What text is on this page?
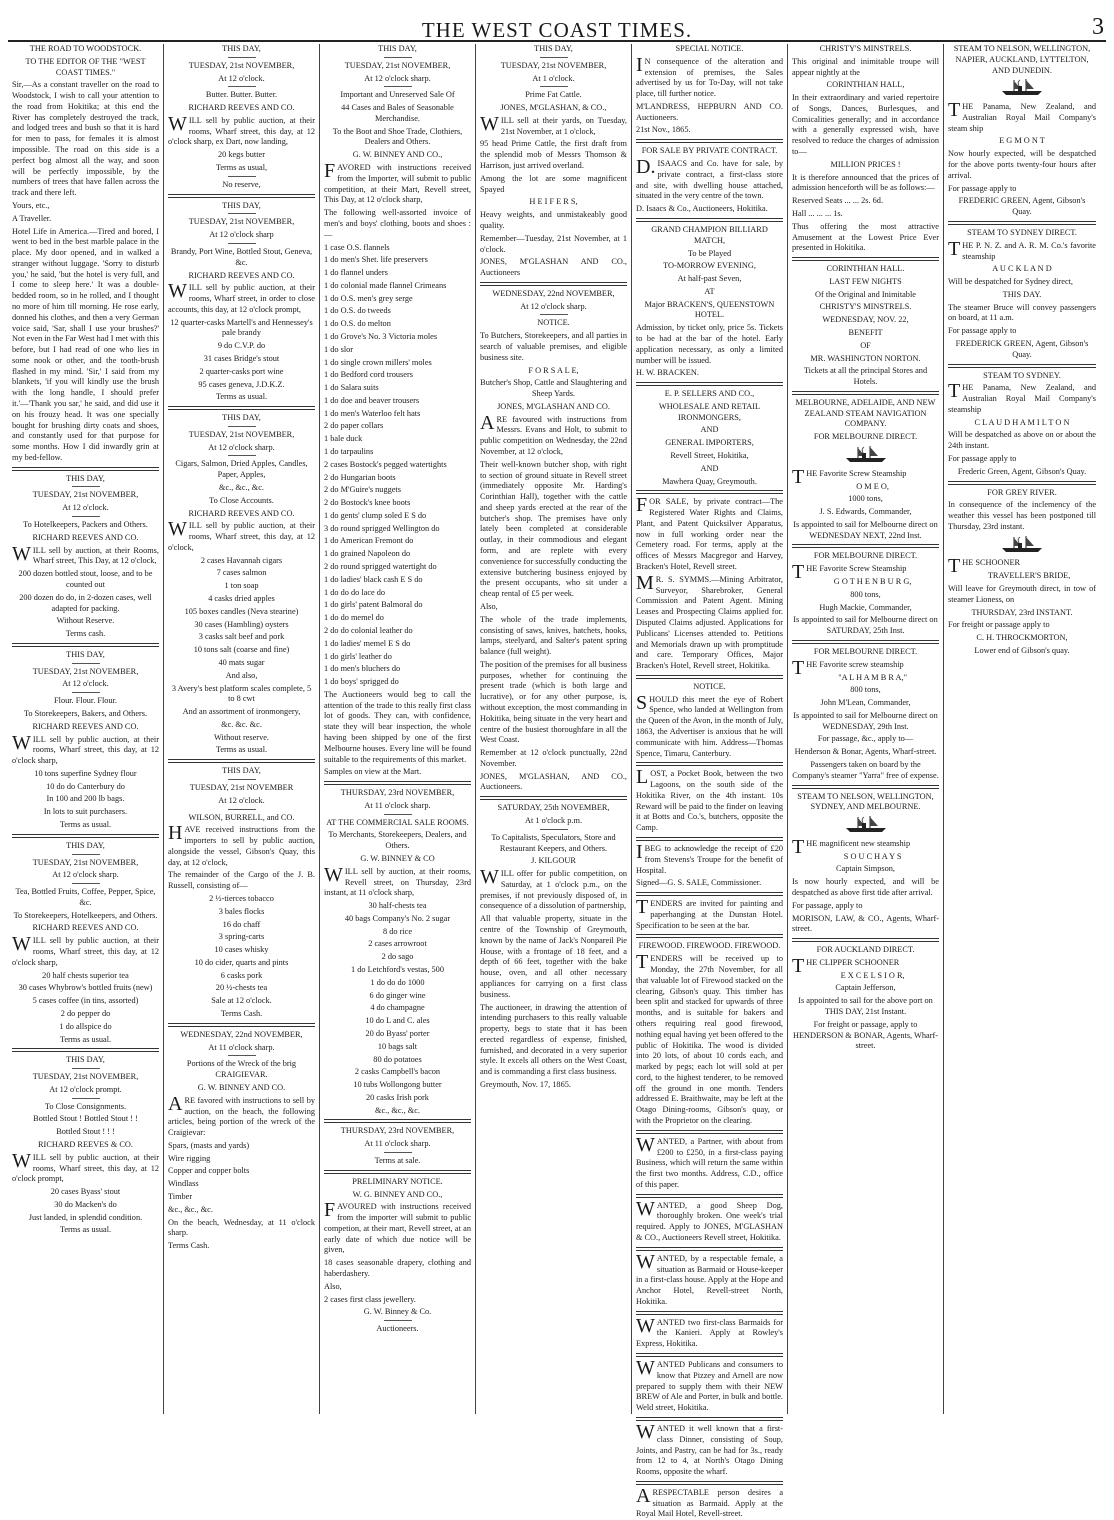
THE WEST COAST TIMES.	3

THE ROAD TO WOODSTOCK.

TO THE EDITOR OF THE "WEST COAST TIMES."

Sir,—As a constant traveller on the road to Woodstock, I wish to call your attention to the road from Hokitika; at this end the River has completely destroyed the track, and lodged trees and bush so that it is hard for men to pass, for females it is almost impossible. The road on this side is a perfect bog almost all the way, and soon will be perfectly impossible, by the numbers of trees that have fallen across the track and there left.

Yours, etc.,

A Traveller.

Hotel Life in America.—Tired and bored, I went to bed in the best marble palace in the place. My door opened, and in walked a stranger without luggage. 'Sorry to disturb you,' he said, 'but the hotel is very full, and I come to sleep here.' It was a double-bedded room, so in he rolled, and I thought no more of him till morning. He rose early, donned his clothes, and then a very German voice said, 'Sar, shall I use your brushes?' Not even in the Far West had I met with this before, but I had read of one who lies in some nook or other, and the tooth-brush flashed in my mind. 'Sir,' I said from my blankets, 'if you will kindly use the brush with the long handle, I should prefer it.'—'Thank you sar,' he said, and did use it on his frouzy head. It was one specially bought for brushing dirty coats and shoes, and constantly used for that purpose for some months. How I did inwardly grin at my bed-fellow.

THIS DAY,

TUESDAY, 21st NOVEMBER,

At 12 o'clock.

To Hotelkeepers, Packers and Others.

RICHARD REEVES AND CO.

WILL sell by auction, at their Rooms, Wharf street, This Day, at 12 o'clock,

200 dozen bottled stout, loose, and to be counted out

200 dozen do do, in 2-dozen cases, well adapted for packing.

Without Reserve.

Terms cash.

THIS DAY,

TUESDAY, 21st NOVEMBER,

At 12 o'clock.

Flour. Flour. Flour.

To Storekeepers, Bakers, and Others.

RICHARD REEVES AND CO.

WILL sell by public auction, at their rooms, Wharf street, this day, at 12 o'clock sharp,

10 tons superfine Sydney flour

10 do do Canterbury do

In 100 and 200 lb bags.

In lots to suit purchasers.

Terms as usual.

THIS DAY,

TUESDAY, 21st NOVEMBER,

At 12 o'clock sharp.

Tea, Bottled Fruits, Coffee, Pepper, Spice, &c.

To Storekeepers, Hotelkeepers, and Others.

RICHARD REEVES AND CO.

WILL sell by public auction, at their rooms, Wharf street, this day, at 12 o'clock sharp,

20 half chests superior tea

30 cases Whybrow's bottled fruits (new)

5 cases coffee (in tins, assorted)

2 do pepper do

1 do allspice do

Terms as usual.

THIS DAY,

TUESDAY, 21st NOVEMBER,

At 12 o'clock prompt.

To Close Consignments.

Bottled Stout ! Bottled Stout ! !

Bottled Stout ! ! !

RICHARD REEVES & CO.

WILL sell by public auction, at their rooms, Wharf street, this day, at 12 o'clock prompt,

20 cases Byass' stout

30 do Macken's do

Just landed, in splendid condition.

Terms as usual.

THIS DAY,

TUESDAY, 21st NOVEMBER,

At 12 o'clock.

Butter. Butter. Butter.

RICHARD REEVES AND CO.

WILL sell by public auction, at their rooms, Wharf street, this day, at 12 o'clock sharp, ex Dart, now landing,

20 kegs butter

Terms as usual,

No reserve,

THIS DAY,

TUESDAY, 21st NOVEMBER,

At 12 o'clock sharp

Brandy, Port Wine, Bottled Stout, Geneva, &c.

RICHARD REEVES AND CO.

WILL sell by public auction, at their rooms, Wharf street, in order to close accounts, this day, at 12 o'clock prompt,

12 quarter-casks Martell's and Hennessey's pale brandy

9 do C.V.P. do

31 cases Bridge's stout

2 quarter-casks port wine

95 cases geneva, J.D.K.Z.

Terms as usual.

THIS DAY,

TUESDAY, 21st NOVEMBER,

At 12 o'clock sharp.

Cigars, Salmon, Dried Apples, Candles, Paper, Apples,

&c., &c., &c.

To Close Accounts.

RICHARD REEVES AND CO.

WILL sell by public auction, at their rooms, Wharf street, this day, at 12 o'clock,

2 cases Havannah cigars

7 cases salmon

1 ton soap

4 casks dried apples

105 boxes candles (Neva stearine)

30 cases (Hambling) oysters

3 casks salt beef and pork

10 tons salt (coarse and fine)

40 mats sugar

And also,

3 Avery's best platform scales complete, 5 to 8 cwt

And an assortment of ironmongery,

&c. &c. &c.

Without reserve.

Terms as usual.

THIS DAY,

TUESDAY, 21st NOVEMBER

At 12 o'clock.

WILSON, BURRELL, and CO.

HAVE received instructions from the importers to sell by public auction, alongside the vessel, Gibson's Quay, this day, at 12 o'clock,

The remainder of the Cargo of the J. B. Russell, consisting of—

2 ½-tierces tobacco

3 bales flocks

16 do chaff

3 spring-carts

10 cases whisky

10 do cider, quarts and pints

6 casks pork

20 ½-chests tea

Sale at 12 o'clock.

Terms Cash.

WEDNESDAY, 22nd NOVEMBER,

At 11 o'clock sharp.

Portions of the Wreck of the brig CRAIGIEVAR.

G. W. BINNEY AND CO.

ARE favored with instructions to sell by auction, on the beach, the following articles, being portion of the wreck of the Craigievar:

Spars, (masts and yards)

Wire rigging

Copper and copper bolts

Windlass

Timber

&c., &c., &c.

On the beach, Wednesday, at 11 o'clock sharp.

Terms Cash.

THIS DAY,

TUESDAY, 21st NOVEMBER,

At 12 o'clock sharp.

Important and Unreserved Sale Of

44 Cases and Bales of Seasonable Merchandise.

To the Boot and Shoe Trade, Clothiers, Dealers and Others.

G. W. BINNEY AND CO.,

FAVORED with instructions received from the Importer, will submit to public competition, at their Mart, Revell street, This Day, at 12 o'clock sharp,

The following well-assorted invoice of men's and boys' clothing, boots and shoes :—

1 case O.S. flannels

1 do men's Shet. life preservers

1 do flannel unders

1 do colonial made flannel Crimeans

1 do O.S. men's grey serge

1 do O.S. do tweeds

1 do O.S. do melton

1 do Grove's No. 3 Victoria moles

1 do slor

1 do single crown millers' moles

1 do Bedford cord trousers

1 do Salara suits

1 do doe and beaver trousers

1 do men's Waterloo felt hats

2 do paper collars

1 bale duck

1 do tarpaulins

2 cases Bostock's pegged watertights

2 do Hungarian boots

2 do M'Guire's nuggets

2 do Bostock's knee boots

1 do gents' clump soled E S do

3 do round sprigged Wellington do

1 do American Fremont do

1 do grained Napoleon do

2 do round sprigged watertight do

1 do ladies' black cash E S do

1 do do do lace do

1 do girls' patent Balmoral do

1 do do memel do

2 do do colonial leather do

1 do ladies' memel E S do

1 do girls' leather do

1 do men's bluchers do

1 do boys' sprigged do

The Auctioneers would beg to call the attention of the trade to this really first class lot of goods. They can, with confidence, state they will bear inspection, the whole having been shipped by one of the first Melbourne houses. Every line will be found suitable to the requirements of this market.

Samples on view at the Mart.

THURSDAY, 23rd NOVEMBER,

At 11 o'clock sharp.

AT THE COMMERCIAL SALE ROOMS.

To Merchants, Storekeepers, Dealers, and Others.

G. W. BINNEY & CO

WILL sell by auction, at their rooms, Revell street, on Thursday, 23rd instant, at 11 o'clock sharp,

30 half-chests tea

40 bags Company's No. 2 sugar

8 do rice

2 cases arrowroot

2 do sago

1 do Letchford's vestas, 500

1 do do do 1000

6 do ginger wine

4 do champagne

10 do L and C. ales

20 do Byass' porter

10 bags salt

80 do potatoes

2 casks Campbell's bacon

10 tubs Wollongong butter

20 casks Irish pork

&c., &c., &c.

THURSDAY, 23rd NOVEMBER,

At 11 o'clock sharp.

Terms at sale.

PRELIMINARY NOTICE.

W. G. BINNEY AND CO.,

FAVOURED with instructions received from the importer will submit to public competion, at their mart, Revell street, at an early date of which due notice will be given,

18 cases seasonable drapery, clothing and haberdashery.

Also,

2 cases first class jewellery.

G. W. Binney & Co.

Auctioneers.

THIS DAY,

TUESDAY, 21st NOVEMBER,

At 1 o'clock.

Prime Fat Cattle.

JONES, M'GLASHAN, & CO.,

WILL sell at their yards, on Tuesday, 21st November, at 1 o'clock,

95 head Prime Cattle, the first draft from the splendid mob of Messrs Thomson & Harrison, just arrived overland.

Among the lot are some magnificent Spayed

H E I F E R S,

Heavy weights, and unmistakeably good quality.

Remember—Tuesday, 21st November, at 1 o'clock.

JONES, M'GLASHAN AND CO., Auctioneers

WEDNESDAY, 22nd NOVEMBER,

At 12 o'clock sharp.

NOTICE.

To Butchers, Storekeepers, and all parties in search of valuable premises, and eligible business site.

F O R S A L E,

Butcher's Shop, Cattle and Slaughtering and Sheep Yards.

JONES, M'GLASHAN AND CO.

ARE favoured with instructions from Messrs. Evans and Holt, to submit to public competition on Wednesday, the 22nd November, at 12 o'clock,

Their well-known butcher shop, with right to section of ground situate in Revell street (immediately opposite Mr. Harding's Corinthian Hall), together with the cattle and sheep yards erected at the rear of the butcher's shop. The premises have only lately been completed at considerable outlay, in their commodious and elegant form, and are replete with every convenience for successfully conducting the extensive butchering business enjoyed by the present occupants, who sit under a cheap rental of £5 per week.

Also,

The whole of the trade implements, consisting of saws, knives, hatchets, hooks, lamps, steelyard, and Salter's patent spring balance (full weight).

The position of the premises for all business purposes, whether for continuing the present trade (which is both large and lucrative), or for any other purpose, is, without exception, the most commanding in Hokitika, being situate in the very heart and centre of the busiest thoroughfare in all the West Coast.

Remember at 12 o'clock punctually, 22nd November.

JONES, M'GLASHAN, AND CO., Auctioneers.

SATURDAY, 25th NOVEMBER,

At 1 o'clock p.m.

To Capitalists, Speculators, Store and Restaurant Keepers, and Others.

J. KILGOUR

WILL offer for public competition, on Saturday, at 1 o'clock p.m., on the premises, if not previously disposed of, in consequence of a dissolution of partnership,

All that valuable property, situate in the centre of the Township of Greymouth, known by the name of Jack's Nonpareil Pie House, with a frontage of 18 feet, and a depth of 66 feet, together with the bake house, oven, and all other necessary appliances for carrying on a first class business.

The auctioneer, in drawing the attention of intending purchasers to this really valuable property, begs to state that it has been erected regardless of expense, finished, furnished, and decorated in a very superior style. It excels all others on the West Coast, and is commanding a first class business.

Greymouth, Nov. 17, 1865.

SPECIAL NOTICE.

IN consequence of the alteration and extension of premises, the Sales advertised by us for To-Day, will not take place, till further notice.

M'LANDRESS, HEPBURN AND CO. Auctioneers.

21st Nov., 1865.

FOR SALE BY PRIVATE CONTRACT.

D.ISAACS and Co. have for sale, by private contract, a first-class store and site, with dwelling house attached, situated in the very centre of the town.

D. Isaacs & Co., Auctioneers, Hokitika.

GRAND CHAMPION BILLIARD MATCH,

To be Played

TO-MORROW EVENING,

At half-past Seven,

AT

Major BRACKEN'S, QUEENSTOWN HOTEL.

Admission, by ticket only, price 5s. Tickets to be had at the bar of the hotel. Early application necessary, as only a limited number will be issued.

H. W. BRACKEN.

E. P. SELLERS AND CO.,

WHOLESALE AND RETAIL IRONMONGERS,

AND

GENERAL IMPORTERS,

Revell Street, Hokitika,

AND

Mawhera Quay, Greymouth.

FOR SALE, by private contract—The Registered Water Rights and Claims, Plant, and Patent Quicksilver Apparatus, now in full working order near the Cemetery road. For terms, apply at the offices of Messrs Macgregor and Harvey, Bracken's Hotel, Revell street.

MR. S. SYMMS.—Mining Arbitrator, Surveyor, Sharebroker, General Commission and Patent Agent. Mining Leases and Prospecting Claims applied for. Disputed Claims adjusted. Applications for Publicans' Licenses attended to. Petitions and Memorials drawn up with promptitude and care. Temporary Offices, Major Bracken's Hotel, Revell street, Hokitika.

NOTICE.

SHOULD this meet the eye of Robert Spence, who landed at Wellington from the Queen of the Avon, in the month of July, 1863, the Advertiser is anxious that he will communicate with him. Address—Thomas Spence, Timaru, Canterbury.

LOST, a Pocket Book, between the two Lagoons, on the south side of the Hokitika River, on the 4th instant. 10s Reward will be paid to the finder on leaving it at Botts and Co.'s, butchers, opposite the Camp.

IBEG to acknowledge the receipt of £20 from Stevens's Troupe for the benefit of Hospital.

Signed—G. S. SALE, Commissioner.

TENDERS are invited for painting and paperhanging at the Dunstan Hotel. Specification to be seen at the bar.

FIREWOOD. FIREWOOD. FIREWOOD.

TENDERS will be received up to Monday, the 27th November, for all that valuable lot of Firewood stacked on the clearing, Gibson's quay. This timber has been split and stacked for upwards of three months, and is suitable for bakers and others requiring real good firewood, nothing equal having yet been offered to the public of Hokitika. The wood is divided into 20 lots, of about 10 cords each, and marked by pegs; each lot will sold at per cord, to the highest tenderer, to be removed off the ground in one month. Tenders addressed E. Braithwaite, may be left at the Otago Dining-rooms, Gibson's quay, or with the Proprietor on the clearing.

WANTED, a Partner, with about from £200 to £250, in a first-class paying Business, which will return the same within the first two months. Address, C.D., office of this paper.

WANTED, a good Sheep Dog, thoroughly broken. One week's trial required. Apply to JONES, M'GLASHAN & CO., Auctioneers Revell street, Hokitika.

WANTED, by a respectable female, a situation as Barmaid or House-keeper in a first-class house. Apply at the Hope and Anchor Hotel, Revell-street North, Hokitika.

WANTED two first-class Barmaids for the Kanieri. Apply at Rowley's Express, Hokitika.

WANTED Publicans and consumers to know that Pizzey and Arnell are now prepared to supply them with their NEW BREW of Ale and Porter, in bulk and bottle. Weld street, Hokitika.

WANTED it well known that a first-class Dinner, consisting of Soup, Joints, and Pastry, can be had for 3s., ready from 12 to 4, at North's Otago Dining Rooms, opposite the wharf.

ARESPECTABLE person desires a situation as Barmaid. Apply at the Royal Mail Hotel, Revell-street.

CHRISTY'S MINSTRELS.

This original and inimitable troupe will appear nightly at the

CORINTHIAN HALL,

In their extraordinary and varied repertoire of Songs, Dances, Burlesques, and Comicalities generally; and in accordance with a generally expressed wish, have resolved to reduce the charges of admission to—

MILLION PRICES !

It is therefore announced that the prices of admission henceforth will be as follows:—

Reserved Seats ... ... 2s. 6d.

Hall ... ... ... 1s.

Thus offering the most attractive Amusement at the Lowest Price Ever presented in Hokitika.

CORINTHIAN HALL.

LAST FEW NIGHTS

Of the Original and Inimitable

CHRISTY'S MINSTRELS.

WEDNESDAY, NOV. 22,

BENEFIT

OF

MR. WASHINGTON NORTON.

Tickets at all the principal Stores and Hotels.

MELBOURNE, ADELAIDE, AND NEW ZEALAND STEAM NAVIGATION COMPANY.

FOR MELBOURNE DIRECT.

THE Favorite Screw Steamship

O M E O,

1000 tons,

J. S. Edwards, Commander,

Is appointed to sail for Melbourne direct on WEDNESDAY NEXT, 22nd Inst.

FOR MELBOURNE DIRECT.

THE Favorite Screw Steamship

G O T H E N B U R G,

800 tons,

Hugh Mackie, Commander,

Is appointed to sail for Melbourne direct on SATURDAY, 25th Inst.

FOR MELBOURNE DIRECT.

THE Favorite screw steamship

"A L H A M B R A,"

800 tons,

John M'Lean, Commander,

Is appointed to sail for Melbourne direct on WEDNESDAY, 29th Inst.

For passage, &c., apply to—

Henderson & Bonar, Agents, Wharf-street.

Passengers taken on board by the Company's steamer "Yarra" free of expense.

STEAM TO NELSON, WELLINGTON, SYDNEY, AND MELBOURNE.

THE magnificent new steamship

S O U C H A Y S

Captain Simpson,

Is now hourly expected, and will be despatched as above first tide after arrival.

For passage, apply to

MORISON, LAW, & CO., Agents, Wharf-street.

FOR AUCKLAND DIRECT.

THE CLIPPER SCHOONER

E X C E L S I O R,

Captain Jefferson,

Is appointed to sail for the above port on THIS DAY, 21st Instant.

For freight or passage, apply to HENDERSON & BONAR, Agents, Wharf-street.

STEAM TO NELSON, WELLINGTON, NAPIER, AUCKLAND, LYTTELTON, AND DUNEDIN.

THE Panama, New Zealand, and Australian Royal Mail Company's steam ship

E G M O N T

Now hourly expected, will be despatched for the above ports twenty-four hours after arrival.

For passage apply to

FREDERIC GREEN, Agent, Gibson's Quay.

STEAM TO SYDNEY DIRECT.

THE P. N. Z. and A. R. M. Co.'s favorite steamship

A U C K L A N D

Will be despatched for Sydney direct,

THIS DAY.

The steamer Bruce will convey passengers on board, at 11 a.m.

For passage apply to

FREDERICK GREEN, Agent, Gibson's Quay.

STEAM TO SYDNEY.

THE Panama, New Zealand, and Australian Royal Mail Company's steamship

C L A U D H A M I L T O N

Will be despatched as above on or about the 24th instant.

For passage apply to

Frederic Green, Agent, Gibson's Quay.

FOR GREY RIVER.

In consequence of the inclemency of the weather this vessel has been postponed till Thursday, 23rd instant.

THE SCHOONER

TRAVELLER'S BRIDE,

Will leave for Greymouth direct, in tow of steamer Lioness, on

THURSDAY, 23rd INSTANT.

For freight or passage apply to

C. H. THROCKMORTON,

Lower end of Gibson's quay.
